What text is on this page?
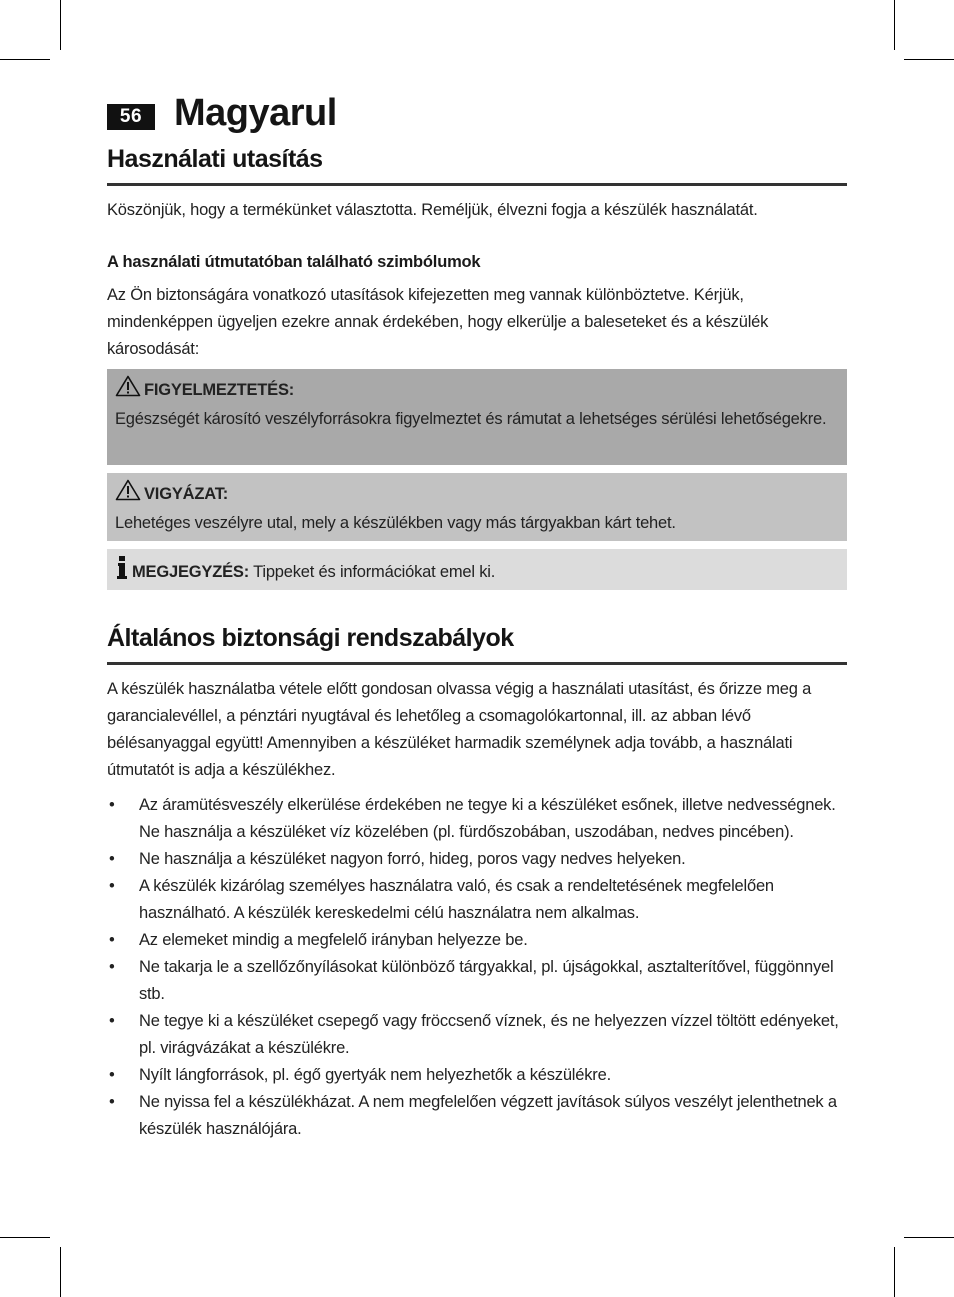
56 Magyarul
Használati utasítás
Köszönjük, hogy a termékünket választotta. Reméljük, élvezni fogja a készülék használatát.
A használati útmutatóban található szimbólumok
Az Ön biztonságára vonatkozó utasítások kifejezetten meg vannak különböztetve. Kérjük, mindenképpen ügyeljen ezekre annak érdekében, hogy elkerülje a baleseteket és a készülék károsodását:
FIGYELMEZTETÉS:
Egészségét károsító veszélyforrásokra figyelmeztet és rámutat a lehetséges sérülési lehetőségekre.
VIGYÁZAT:
Lehetéges veszélyre utal, mely a készülékben vagy más tárgyakban kárt tehet.
MEGJEGYZÉS: Tippeket és információkat emel ki.
Általános biztonsági rendszabályok
A készülék használatba vétele előtt gondosan olvassa végig a használati utasítást, és őrizze meg a garancialevéllel, a pénztári nyugtával és lehetőleg a csomagolókartonnal, ill. az abban lévő bélésanyaggal együtt! Amennyiben a készüléket harmadik személynek adja tovább, a használati útmutatót is adja a készülékhez.
• Az áramütésveszély elkerülése érdekében ne tegye ki a készüléket esőnek, illetve nedvességnek. Ne használja a készüléket víz közelében (pl. fürdőszobában, uszodában, nedves pincében).
• Ne használja a készüléket nagyon forró, hideg, poros vagy nedves helyeken.
• A készülék kizárólag személyes használatra való, és csak a rendeltetésének megfelelően használható. A készülék kereskedelmi célú használatra nem alkalmas.
• Az elemeket mindig a megfelelő irányban helyezze be.
• Ne takarja le a szellőzőnyílásokat különböző tárgyakkal, pl. újságokkal, asztalterítővel, függönnyel stb.
• Ne tegye ki a készüléket csepegő vagy fröccsenő víznek, és ne helyezzen vízzel töltött edényeket, pl. virágvázákat a készülékre.
• Nyílt lángforrások, pl. égő gyertyák nem helyezhetők a készülékre.
• Ne nyissa fel a készülékházat. A nem megfelelően végzett javítások súlyos veszélyt jelenthetnek a készülék használójára.
